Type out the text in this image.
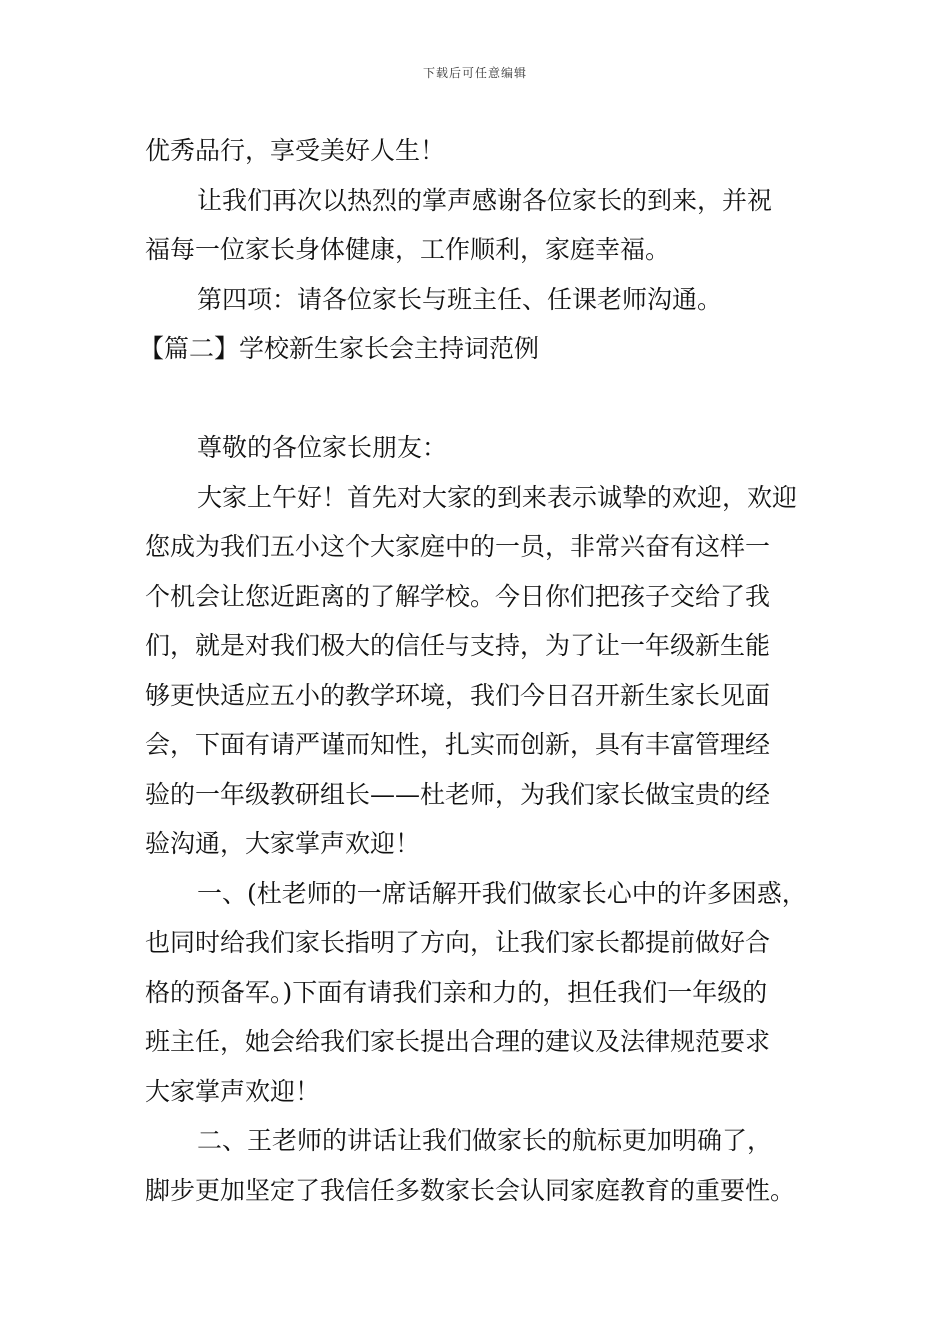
下载后可任意编辑
优秀品行，享受美好人生！
让我们再次以热烈的掌声感谢各位家长的到来，并祝
福每一位家长身体健康，工作顺利，家庭幸福。
第四项：请各位家长与班主任、任课老师沟通。
【篇二】学校新生家长会主持词范例
尊敬的各位家长朋友：
大家上午好！首先对大家的到来表示诚挚的欢迎，欢迎
您成为我们五小这个大家庭中的一员，非常兴奋有这样一
个机会让您近距离的了解学校。今日你们把孩子交给了我
们，就是对我们极大的信任与支持，为了让一年级新生能
够更快适应五小的教学环境，我们今日召开新生家长见面
会，下面有请严谨而知性，扎实而创新，具有丰富管理经
验的一年级教研组长——杜老师，为我们家长做宝贵的经
验沟通，大家掌声欢迎！
一、(杜老师的一席话解开我们做家长心中的许多困惑，
也同时给我们家长指明了方向，让我们家长都提前做好合
格的预备军。)下面有请我们亲和力的，担任我们一年级的
班主任，她会给我们家长提出合理的建议及法律规范要求
大家掌声欢迎！
二、王老师的讲话让我们做家长的航标更加明确了，
脚步更加坚定了我信任多数家长会认同家庭教育的重要性。
